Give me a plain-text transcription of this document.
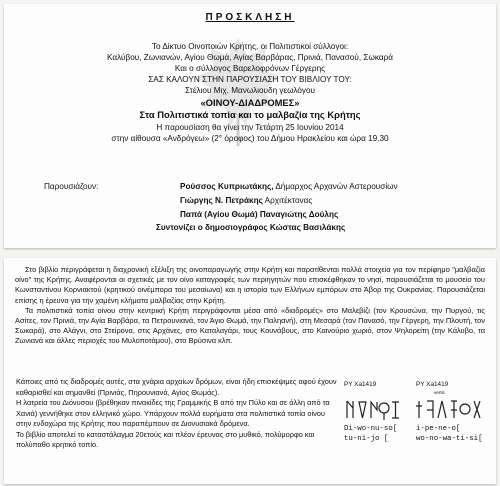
ΠΡΟΣΚΛΗΣΗ
Το Δίκτυο Οινοποιών Κρήτης, οι Πολιτιστικοί σύλλογοι:
Καλύβου, Ζωνιανών, Αγίου Θωμά, Αγίας Βαρβάρας, Πρινιά, Πανασού, Σωκαρά
Και ο σύλλογος Βαρελοφρόνων Γέργερης
ΣΑΣ ΚΑΛΟΥΝ ΣΤΗΝ ΠΑΡΟΥΣΙΑΣΗ ΤΟΥ ΒΙΒΛΙΟΥ ΤΟΥ:
Στέλιου Μιχ. Μανωλιουδη γεωλόγου
«ΟΙΝΟΥ-ΔΙΑΔΡΟΜΕΣ»
Στα Πολιτιστικά τοπία και το μαλβαζία της Κρήτης
Η παρουσίαση θα γίνει την Τετάρτη 25 Ιουνίου 2014
στην αίθουσα «Ανδρόγεω» (2° όροφος) του Δήμου Ηρακλείου και ώρα 19.30
Παρουσιάζουν:	Ρούσσος Κυπριωτάκης, Δήμαρχος Αρχανών Αστερουσίων
Γιώργης Ν. Πετράκης Αρχιτέκτονας
Παπά (Αγίου Θωμά) Παναγιώτης Δούλης
Συντονίζει ο δημοσιογράφος Κώστας Βασιλάκης

Στο βιβλίο περιγράφεται η διαχρονική εξέλιξη της οινοπαραγωγής στην Κρήτη και παρατίθενται πολλά στοιχεία για τον περίφημο "μαλβαζία οίνο" της Κρήτης. Αναφέρονται οι σχετικές με τον οίνο καταγραφές των περιηγητών που επισκέφθηκαν το νησί, παρουσιάζεται το μουσείο του Κωνσταντίνου Κορνιακτού (κρητικού οινέμπορα του μεσαίωνα) και η ιστορία των Ελλήνων εμπόρων στο Άβορ της Ουκρανίας. Παρουσιάζεται επίσης η έρευνα για την χαμένη κλήματα μαλβαζίας στην Κρήτη.

Τα πολιτιστικά τοπία οίνου στην κεντρική Κρήτη περιγράφονται μέσα από «διαδρομές» στο Μαλεβίζι (τον Κρουσώνα, την Πυργού, τις Ασίτες, τον Πρινιά, την Αγία Βαρβάρα, τα Πετρουνιανά, τον Άγιο Θωμά, την Παληανή), στη Μεσαρά (τον Πανασό, την Γέργερη, την Πλουτή, τον Σωκαρά), στο Αλάγνι, στο Στείρονα, στις Αρχάνες, στο Καταλαγάρι, τους Κουνάβους, στο Καινούριο χωριό, στον Ψηλορείτη (την Κάλυβο, τα Ζωνιανά και άλλες περιοχές του Μυλοποτάμου), στο Βρύσινα κλπ.

Κάποιες από τις διαδρομές αυτές, στα χνάρια αρχαίων δρόμων, είναι ήδη επισκέψιμες αφού έχουν καθαρισθεί και σημανθεί (Πρινιάς, Πηρουνιανά, Αγίος Θωμάς).
Η λατρεία του Διόνυσου (βρέθηκαν πινακίδες της Γραμμικής Β από την Πύλο και σε άλλη από τα Χανιά) γεννήθηκε στον ελληνικό χώρο. Υπάρχουν πολλά ευρήματα στα πολιτιστικά τοπία οίνου στην ενδοχώρα της Κρήτης που παραπέμπουν σε Διονυσιακά δρόμενα.
Το βιβλίο αποτελεί το καταστάλαγμα 20ετούς και πλέον έρευνας στο μυθικό, πολύμορφο και πολύπαθο κρητικό τοπίο.
PY Xa1419
Di-wo-nu-so[
tu-ni-jo [
PY Xa1419
vertic.
i-pe-ne-o[
wo-no-wa-ti-si[
